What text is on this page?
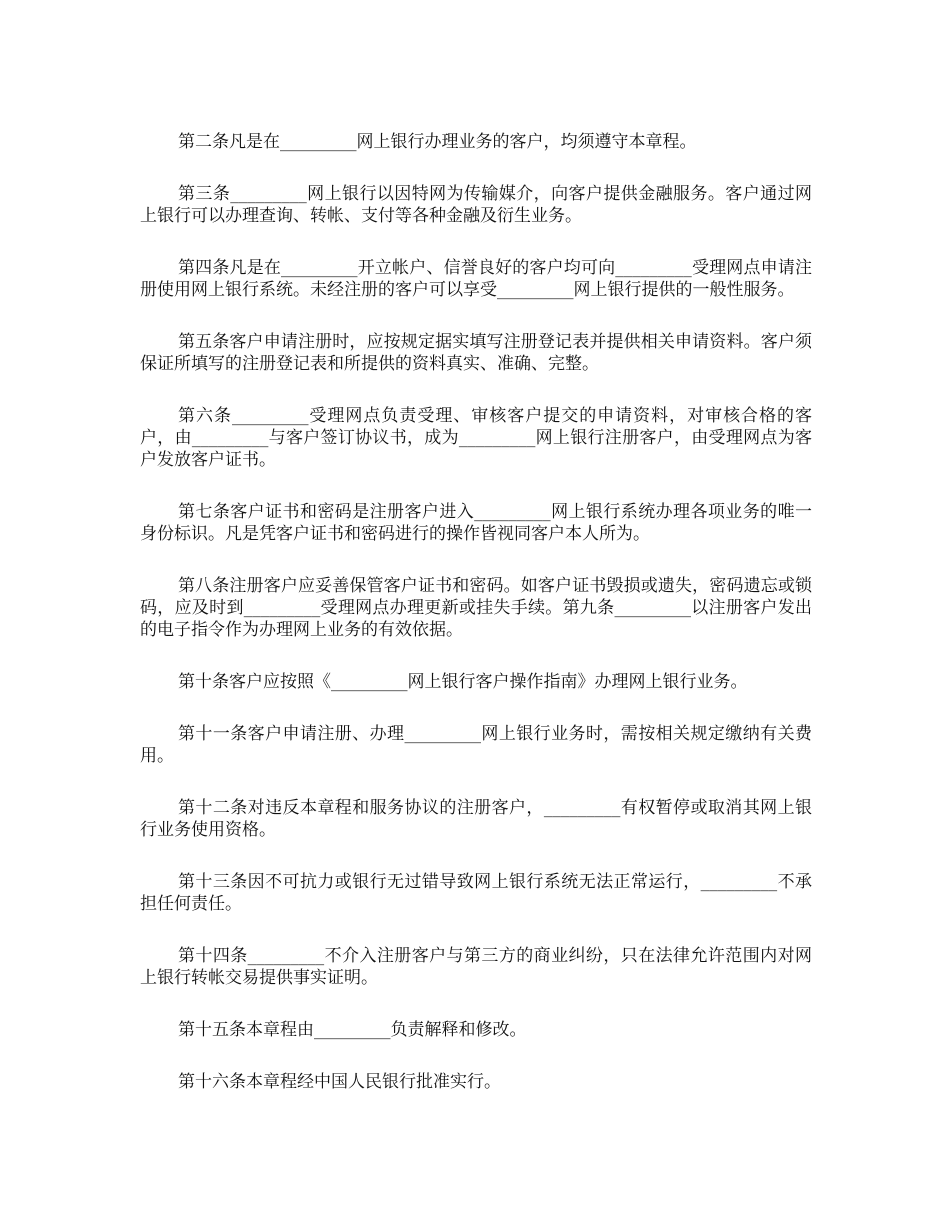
第二条凡是在_________网上银行办理业务的客户，均须遵守本章程。

第三条_________网上银行以因特网为传输媒介，向客户提供金融服务。客户通过网上银行可以办理查询、转帐、支付等各种金融及衍生业务。

第四条凡是在_________开立帐户、信誉良好的客户均可向_________受理网点申请注册使用网上银行系统。未经注册的客户可以享受_________网上银行提供的一般性服务。

第五条客户申请注册时，应按规定据实填写注册登记表并提供相关申请资料。客户须保证所填写的注册登记表和所提供的资料真实、准确、完整。

第六条_________受理网点负责受理、审核客户提交的申请资料，对审核合格的客户，由_________与客户签订协议书，成为_________网上银行注册客户，由受理网点为客户发放客户证书。

第七条客户证书和密码是注册客户进入_________网上银行系统办理各项业务的唯一身份标识。凡是凭客户证书和密码进行的操作皆视同客户本人所为。

第八条注册客户应妥善保管客户证书和密码。如客户证书毁损或遗失，密码遗忘或锁码，应及时到_________受理网点办理更新或挂失手续。第九条_________以注册客户发出的电子指令作为办理网上业务的有效依据。

第十条客户应按照《_________网上银行客户操作指南》办理网上银行业务。

第十一条客户申请注册、办理_________网上银行业务时，需按相关规定缴纳有关费用。

第十二条对违反本章程和服务协议的注册客户，_________有权暂停或取消其网上银行业务使用资格。

第十三条因不可抗力或银行无过错导致网上银行系统无法正常运行，_________不承担任何责任。

第十四条_________不介入注册客户与第三方的商业纠纷，只在法律允许范围内对网上银行转帐交易提供事实证明。

第十五条本章程由_________负责解释和修改。

第十六条本章程经中国人民银行批准实行。
